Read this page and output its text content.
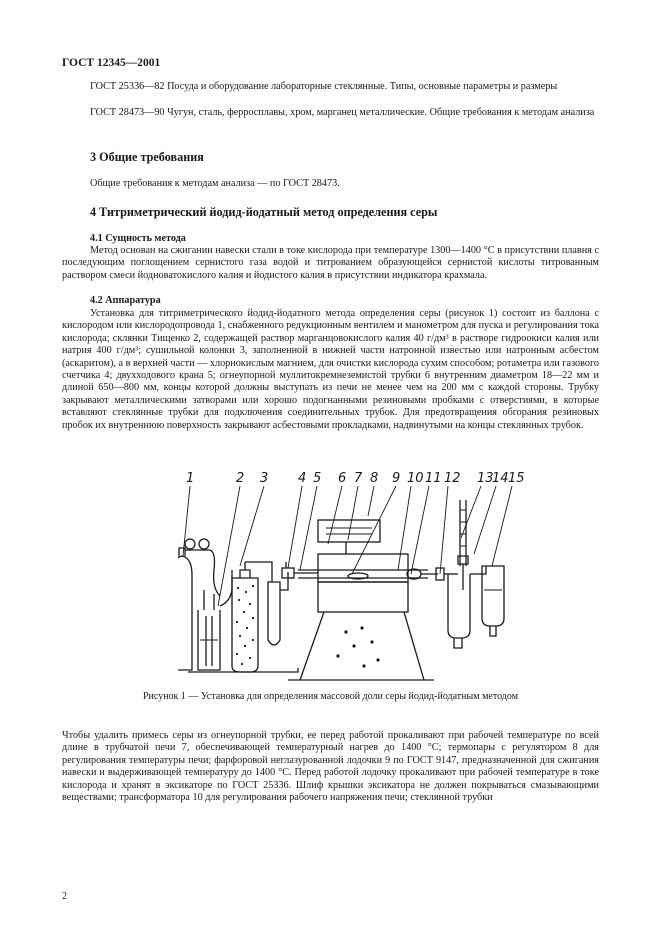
ГОСТ 12345—2001
ГОСТ 25336—82 Посуда и оборудование лабораторные стеклянные. Типы, основные параметры и размеры
ГОСТ 28473—90 Чугун, сталь, ферросплавы, хром, марганец металлические. Общие требования к методам анализа
3 Общие требования
Общие требования к методам анализа — по ГОСТ 28473.
4 Титриметрический йодид-йодатный метод определения серы
4.1 Сущность метода
Метод основан на сжигании навески стали в токе кислорода при температуре 1300—1400 °С в присутствии плавня с последующим поглощением сернистого газа водой и титрованием образующейся сернистой кислоты титрованным раствором смеси йодноватокислого калия и йодистого калия в присутствии индикатора крахмала.
4.2 Аппаратура
Установка для титриметрического йодид-йодатного метода определения серы (рисунок 1) состоит из баллона с кислородом или кислородопровода 1, снабженного редукционным вентилем и манометром для пуска и регулирования тока кислорода; склянки Тищенко 2, содержащей раствор марганцовокислого калия 40 г/дм³ в растворе гидроокиси калия или натрия 400 г/дм³; сушильной колонки 3, заполненной в нижней части натронной известью или натронным асбестом (аскаритом), а в верхней части — хлорнокислым магнием, для очистки кислорода сухим способом; ротаметра или газового счетчика 4; двухходового крана 5; огнеупорной муллитокремнеземистой трубки 6 внутренним диаметром 18—22 мм и длиной 650—800 мм, концы которой должны выступать из печи не менее чем на 200 мм с каждой стороны. Трубку закрывают металлическими затворами или хорошо подогнанными резиновыми пробками с отверстиями, в которые вставляют стеклянные трубки для подключения соединительных трубок. Для предотвращения обгорания резиновых пробок их внутреннюю поверхность закрывают асбестовыми прокладками, надвинутыми на концы стеклянных трубок.
1	2 3 4 5 6 7 8 9 10 11 12 13
14 15
Рисунок 1 — Установка для определения массовой доли серы йодид-йодатным методом
Чтобы удалить примесь серы из огнеупорной трубки, ее перед работой прокаливают при рабочей температуре по всей длине в трубчатой печи 7, обеспечивающей температурный нагрев до 1400 °С; термопары с регулятором 8 для регулирования температуры печи; фарфоровой неглазурованной лодочки 9 по ГОСТ 9147, предназначенной для сжигания навески и выдерживающей температуру до 1400 °С. Перед работой лодочку прокаливают при рабочей температуре в токе кислорода и хранят в эксикаторе по ГОСТ 25336. Шлиф крышки эксикатора не должен покрываться смазывающими веществами; трансформатора 10 для регулирования рабочего напряжения печи; стеклянной трубки
2
